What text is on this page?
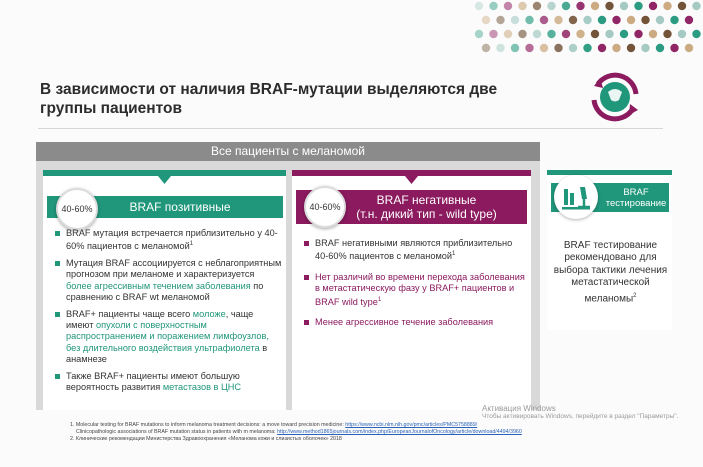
В зависимости от наличия BRAF-мутации выделяются две группы пациентов
Все пациенты с меланомой
BRAF позитивные
40-60%
BRAF мутация встречается приблизительно у 40-60% пациентов с меланомой$^1$
Мутация BRAF ассоциируется с неблагоприятным прогнозом при меланоме и характеризуется более агрессивным течением заболевания по сравнению с BRAF wt меланомой
BRAF+ пациенты чаще всего моложе, чаще имеют опухоли с поверхностным распространением и поражением лимфоузлов, без длительного воздействия ультрафиолета в анамнезе
Также BRAF+ пациенты имеют большую вероятность развития метастазов в ЦНС
BRAF негативные
(т.н. дикий тип - wild type)
40-60%
BRAF негативными являются приблизительно 40-60% пациентов с меланомой$^1$
Нет различий во времени перехода заболевания в метастатическую фазу у BRAF+ пациентов и BRAF wild type$^1$
Менее агрессивное течение заболевания
BRAF
тестирование
BRAF тестирование рекомендовано для выбора тактики лечения метастатической меланомы$^2$
1. Molecular testing for BRAF mutations to inform melanoma treatment decisions: a move toward precision medicine: https://www.ncbi.nlm.nih.gov/pmc/articles/PMC5758889/
Clinicopathologic associations of BRAF mutation status in patients with m melanoma: http://www.method1865journals.com/index.php/EuropeanJournalofOncology/article/download/4494/3960
2. Клинические рекомендации Министерства Здравоохранения «Меланома кожи и слизистых оболочек» 2018
Активация Windows
Чтобы активировать Windows, перейдите в раздел "Параметры".
